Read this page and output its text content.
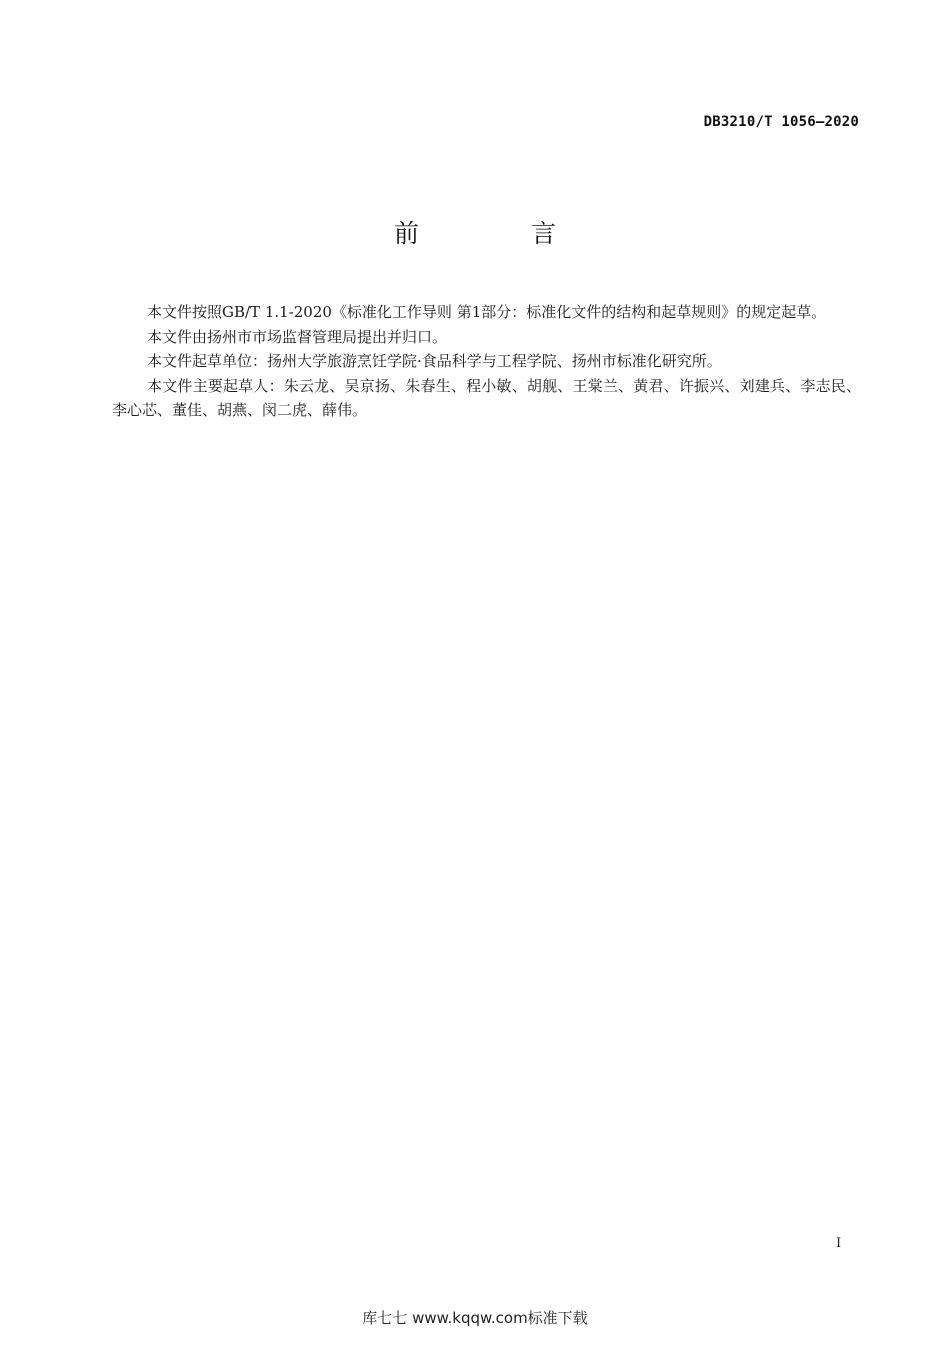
DB3210/T 1056—2020
前 言

本文件按照GB/T 1.1-2020《标准化工作导则 第1部分：标准化文件的结构和起草规则》的规定起草。

本文件由扬州市市场监督管理局提出并归口。

本文件起草单位：扬州大学旅游烹饪学院·食品科学与工程学院、扬州市标准化研究所。

本文件主要起草人：朱云龙、吴京扬、朱春生、程小敏、胡舰、王棠兰、黄君、许振兴、刘建兵、李志民、李心芯、董佳、胡燕、闵二虎、薛伟。

I
库七七 www.kqqw.com标准下载
